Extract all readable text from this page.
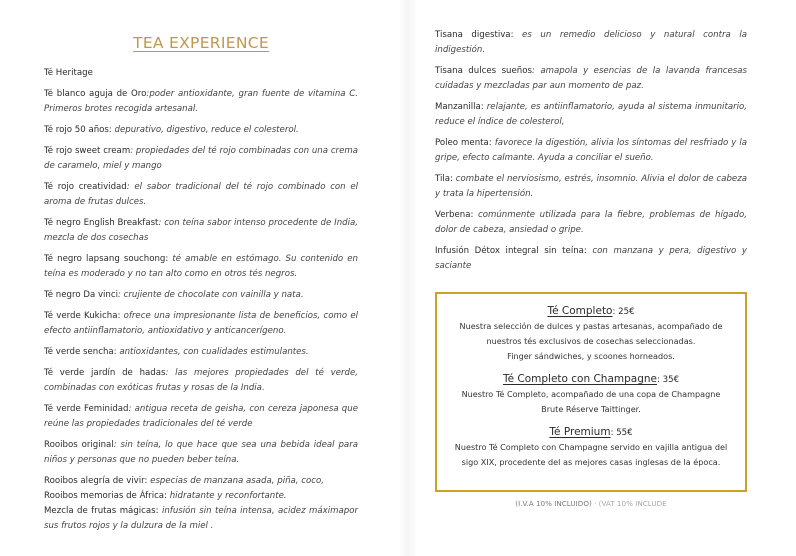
TEA EXPERIENCE
Té Heritage
Té blanco aguja de Oro:poder antioxidante, gran fuente de vitamina C. Primeros brotes recogida artesanal.
Té rojo 50 años: depurativo, digestivo, reduce el colesterol.
Té rojo sweet cream: propiedades del té rojo combinadas con una crema de caramelo, miel y mango
Té rojo creatividad: el sabor tradicional del té rojo combinado con el aroma de frutas dulces.
Té negro English Breakfast: con teína sabor intenso procedente de India, mezcla de dos cosechas
Té negro lapsang souchong: té amable en estómago. Su contenido en teína es moderado y no tan alto como en otros tés negros.
Té negro Da vinci: crujiente de chocolate con vainilla y nata.
Té verde Kukicha: ofrece una impresionante lista de beneficios, como el efecto antiinflamatorio, antioxidativo y anticancerígeno.
Té verde sencha: antioxidantes, con cualidades estimulantes.
Té verde jardín de hadas: las mejores propiedades del té verde, combinadas con exóticas frutas y rosas de la India.
Té verde Feminidad: antigua receta de geisha, con cereza japonesa que reúne las propiedades tradicionales del té verde
Rooibos original: sin teína, lo que hace que sea una bebida ideal para niños y personas que no pueden beber teína.
Rooibos alegría de vivir: especias de manzana asada, piña, coco,
Rooibos memorias de África: hidratante y reconfortante.
Mezcla de frutas mágicas: infusión sin teína intensa, acidez máximapor sus frutos rojos y la dulzura de la miel .
Tisana digestiva: es un remedio delicioso y natural contra la indigestión.
Tisana dulces sueños: amapola y esencias de la lavanda francesas cuidadas y mezcladas par aun momento de paz.
Manzanilla: relajante, es antiinflamatorio, ayuda al sistema inmunitario, reduce el índice de colesterol,
Poleo menta: favorece la digestión, alivia los síntomas del resfriado y la gripe, efecto calmante. Ayuda a conciliar el sueño.
Tila: combate el nerviosismo, estrés, insomnio. Alivia el dolor de cabeza y trata la hipertensión.
Verbena: comúnmente utilizada para la fiebre, problemas de hígado, dolor de cabeza, ansiedad o gripe.
Infusión Détox integral sin teína: con manzana y pera, digestivo y saciante
Té Completo: 25€
Nuestra selección de dulces y pastas artesanas, acompañado de
nuestros tés exclusivos de cosechas seleccionadas.
Finger sándwiches, y scoones horneados.
Té Completo con Champagne: 35€
Nuestro Té Completo, acompañado de una copa de Champagne
Brute Réserve Taittinger.
Té Premium: 55€
Nuestro Té Completo con Champagne servido en vajilla antigua del
sigo XIX, procedente del as mejores casas inglesas de la época.
(I.V.A 10% INCLUIDO) · (VAT 10% INCLUDE
